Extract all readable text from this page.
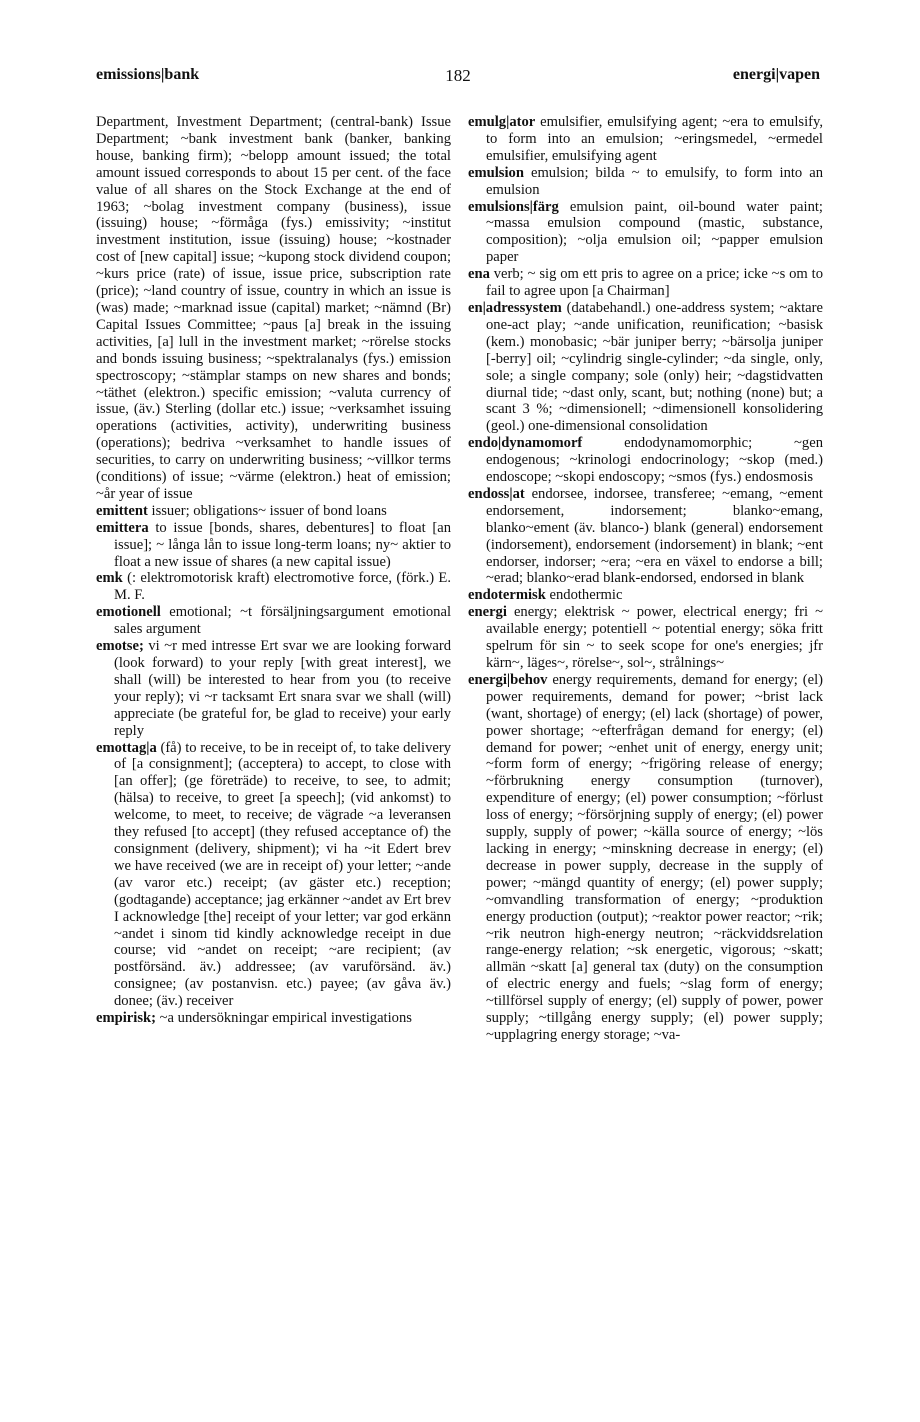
emissions|bank	182	energi|vapen

Department, Investment Department; (central-bank) Issue Department; ~bank investment bank (banker, banking house, banking firm); ~belopp amount issued; the total amount issued corresponds to about 15 per cent. of the face value of all shares on the Stock Exchange at the end of 1963; ~bolag investment company (business), issue (issuing) house; ~förmåga (fys.) emissivity; ~institut investment institution, issue (issuing) house; ~kostnader cost of [new capital] issue; ~kupong stock dividend coupon; ~kurs price (rate) of issue, issue price, subscription rate (price); ~land country of issue, country in which an issue is (was) made; ~marknad issue (capital) market; ~nämnd (Br) Capital Issues Committee; ~paus [a] break in the issuing activities, [a] lull in the investment market; ~rörelse stocks and bonds issuing business; ~spektralanalys (fys.) emission spectroscopy; ~stämplar stamps on new shares and bonds; ~täthet (elektron.) specific emission; ~valuta currency of issue, (äv.) Sterling (dollar etc.) issue; ~verksamhet issuing operations (activities, activity), underwriting business (operations); bedriva ~verksamhet to handle issues of securities, to carry on underwriting business; ~villkor terms (conditions) of issue; ~värme (elektron.) heat of emission; ~år year of issue

emittent issuer; obligations~ issuer of bond loans

emittera to issue [bonds, shares, debentures] to float [an issue]; ~ långa lån to issue long-term loans; ny~ aktier to float a new issue of shares (a new capital issue)

emk (: elektromotorisk kraft) electromotive force, (förk.) E. M. F.

emotionell emotional; ~t försäljningsargument emotional sales argument

emotse; vi ~r med intresse Ert svar we are looking forward (look forward) to your reply [with great interest], we shall (will) be interested to hear from you (to receive your reply); vi ~r tacksamt Ert snara svar we shall (will) appreciate (be grateful for, be glad to receive) your early reply

emottag|a (få) to receive, to be in receipt of, to take delivery of [a consignment]; (acceptera) to accept, to close with [an offer]; (ge företräde) to receive, to see, to admit; (hälsa) to receive, to greet [a speech]; (vid ankomst) to welcome, to meet, to receive; de vägrade ~a leveransen they refused [to accept] (they refused acceptance of) the consignment (delivery, shipment); vi ha ~it Edert brev we have received (we are in receipt of) your letter; ~ande (av varor etc.) receipt; (av gäster etc.) reception; (godtagande) acceptance; jag erkänner ~andet av Ert brev I acknowledge [the] receipt of your letter; var god erkänn ~andet i sinom tid kindly acknowledge receipt in due course; vid ~andet on receipt; ~are recipient; (av postförsänd. äv.) addressee; (av varuförsänd. äv.) consignee; (av postanvisn. etc.) payee; (av gåva äv.) donee; (äv.) receiver

empirisk; ~a undersökningar empirical investigations

emulg|ator emulsifier, emulsifying agent; ~era to emulsify, to form into an emulsion; ~eringsmedel, ~ermedel emulsifier, emulsifying agent

emulsion emulsion; bilda ~ to emulsify, to form into an emulsion

emulsions|färg emulsion paint, oil-bound water paint; ~massa emulsion compound (mastic, substance, composition); ~olja emulsion oil; ~papper emulsion paper

ena verb; ~ sig om ett pris to agree on a price; icke ~s om to fail to agree upon [a Chairman]

en|adressystem (databehandl.) one-address system; ~aktare one-act play; ~ande unification, reunification; ~basisk (kem.) monobasic; ~bär juniper berry; ~bärsolja juniper [-berry] oil; ~cylindrig single-cylinder; ~da single, only, sole; a single company; sole (only) heir; ~dagstidvatten diurnal tide; ~dast only, scant, but; nothing (none) but; a scant 3 %; ~dimensionell; ~dimensionell konsolidering (geol.) one-dimensional consolidation

endo|dynamomorf endodynamomorphic; ~gen endogenous; ~krinologi endocrinology; ~skop (med.) endoscope; ~skopi endoscopy; ~smos (fys.) endosmosis

endoss|at endorsee, indorsee, transferee; ~emang, ~ement endorsement, indorsement; blanko~emang, blanko~ement (äv. blanco-) blank (general) endorsement (indorsement), endorsement (indorsement) in blank; ~ent endorser, indorser; ~era; ~era en växel to endorse a bill; ~erad; blanko~erad blank-endorsed, endorsed in blank

endotermisk endothermic

energi energy; elektrisk ~ power, electrical energy; fri ~ available energy; potentiell ~ potential energy; söka fritt spelrum för sin ~ to seek scope for one's energies; jfr kärn~, läges~, rörelse~, sol~, strålnings~

energi|behov energy requirements, demand for energy; (el) power requirements, demand for power; ~brist lack (want, shortage) of energy; (el) lack (shortage) of power, power shortage; ~efterfrågan demand for energy; (el) demand for power; ~enhet unit of energy, energy unit; ~form form of energy; ~frigöring release of energy; ~förbrukning energy consumption (turnover), expenditure of energy; (el) power consumption; ~förlust loss of energy; ~försörjning supply of energy; (el) power supply, supply of power; ~källa source of energy; ~lös lacking in energy; ~minskning decrease in energy; (el) decrease in power supply, decrease in the supply of power; ~mängd quantity of energy; (el) power supply; ~omvandling transformation of energy; ~produktion energy production (output); ~reaktor power reactor; ~rik; ~rik neutron high-energy neutron; ~räckviddsrelation range-energy relation; ~sk energetic, vigorous; ~skatt; allmän ~skatt [a] general tax (duty) on the consumption of electric energy and fuels; ~slag form of energy; ~tillförsel supply of energy; (el) supply of power, power supply; ~tillgång energy supply; (el) power supply; ~upplagring energy storage; ~va-
